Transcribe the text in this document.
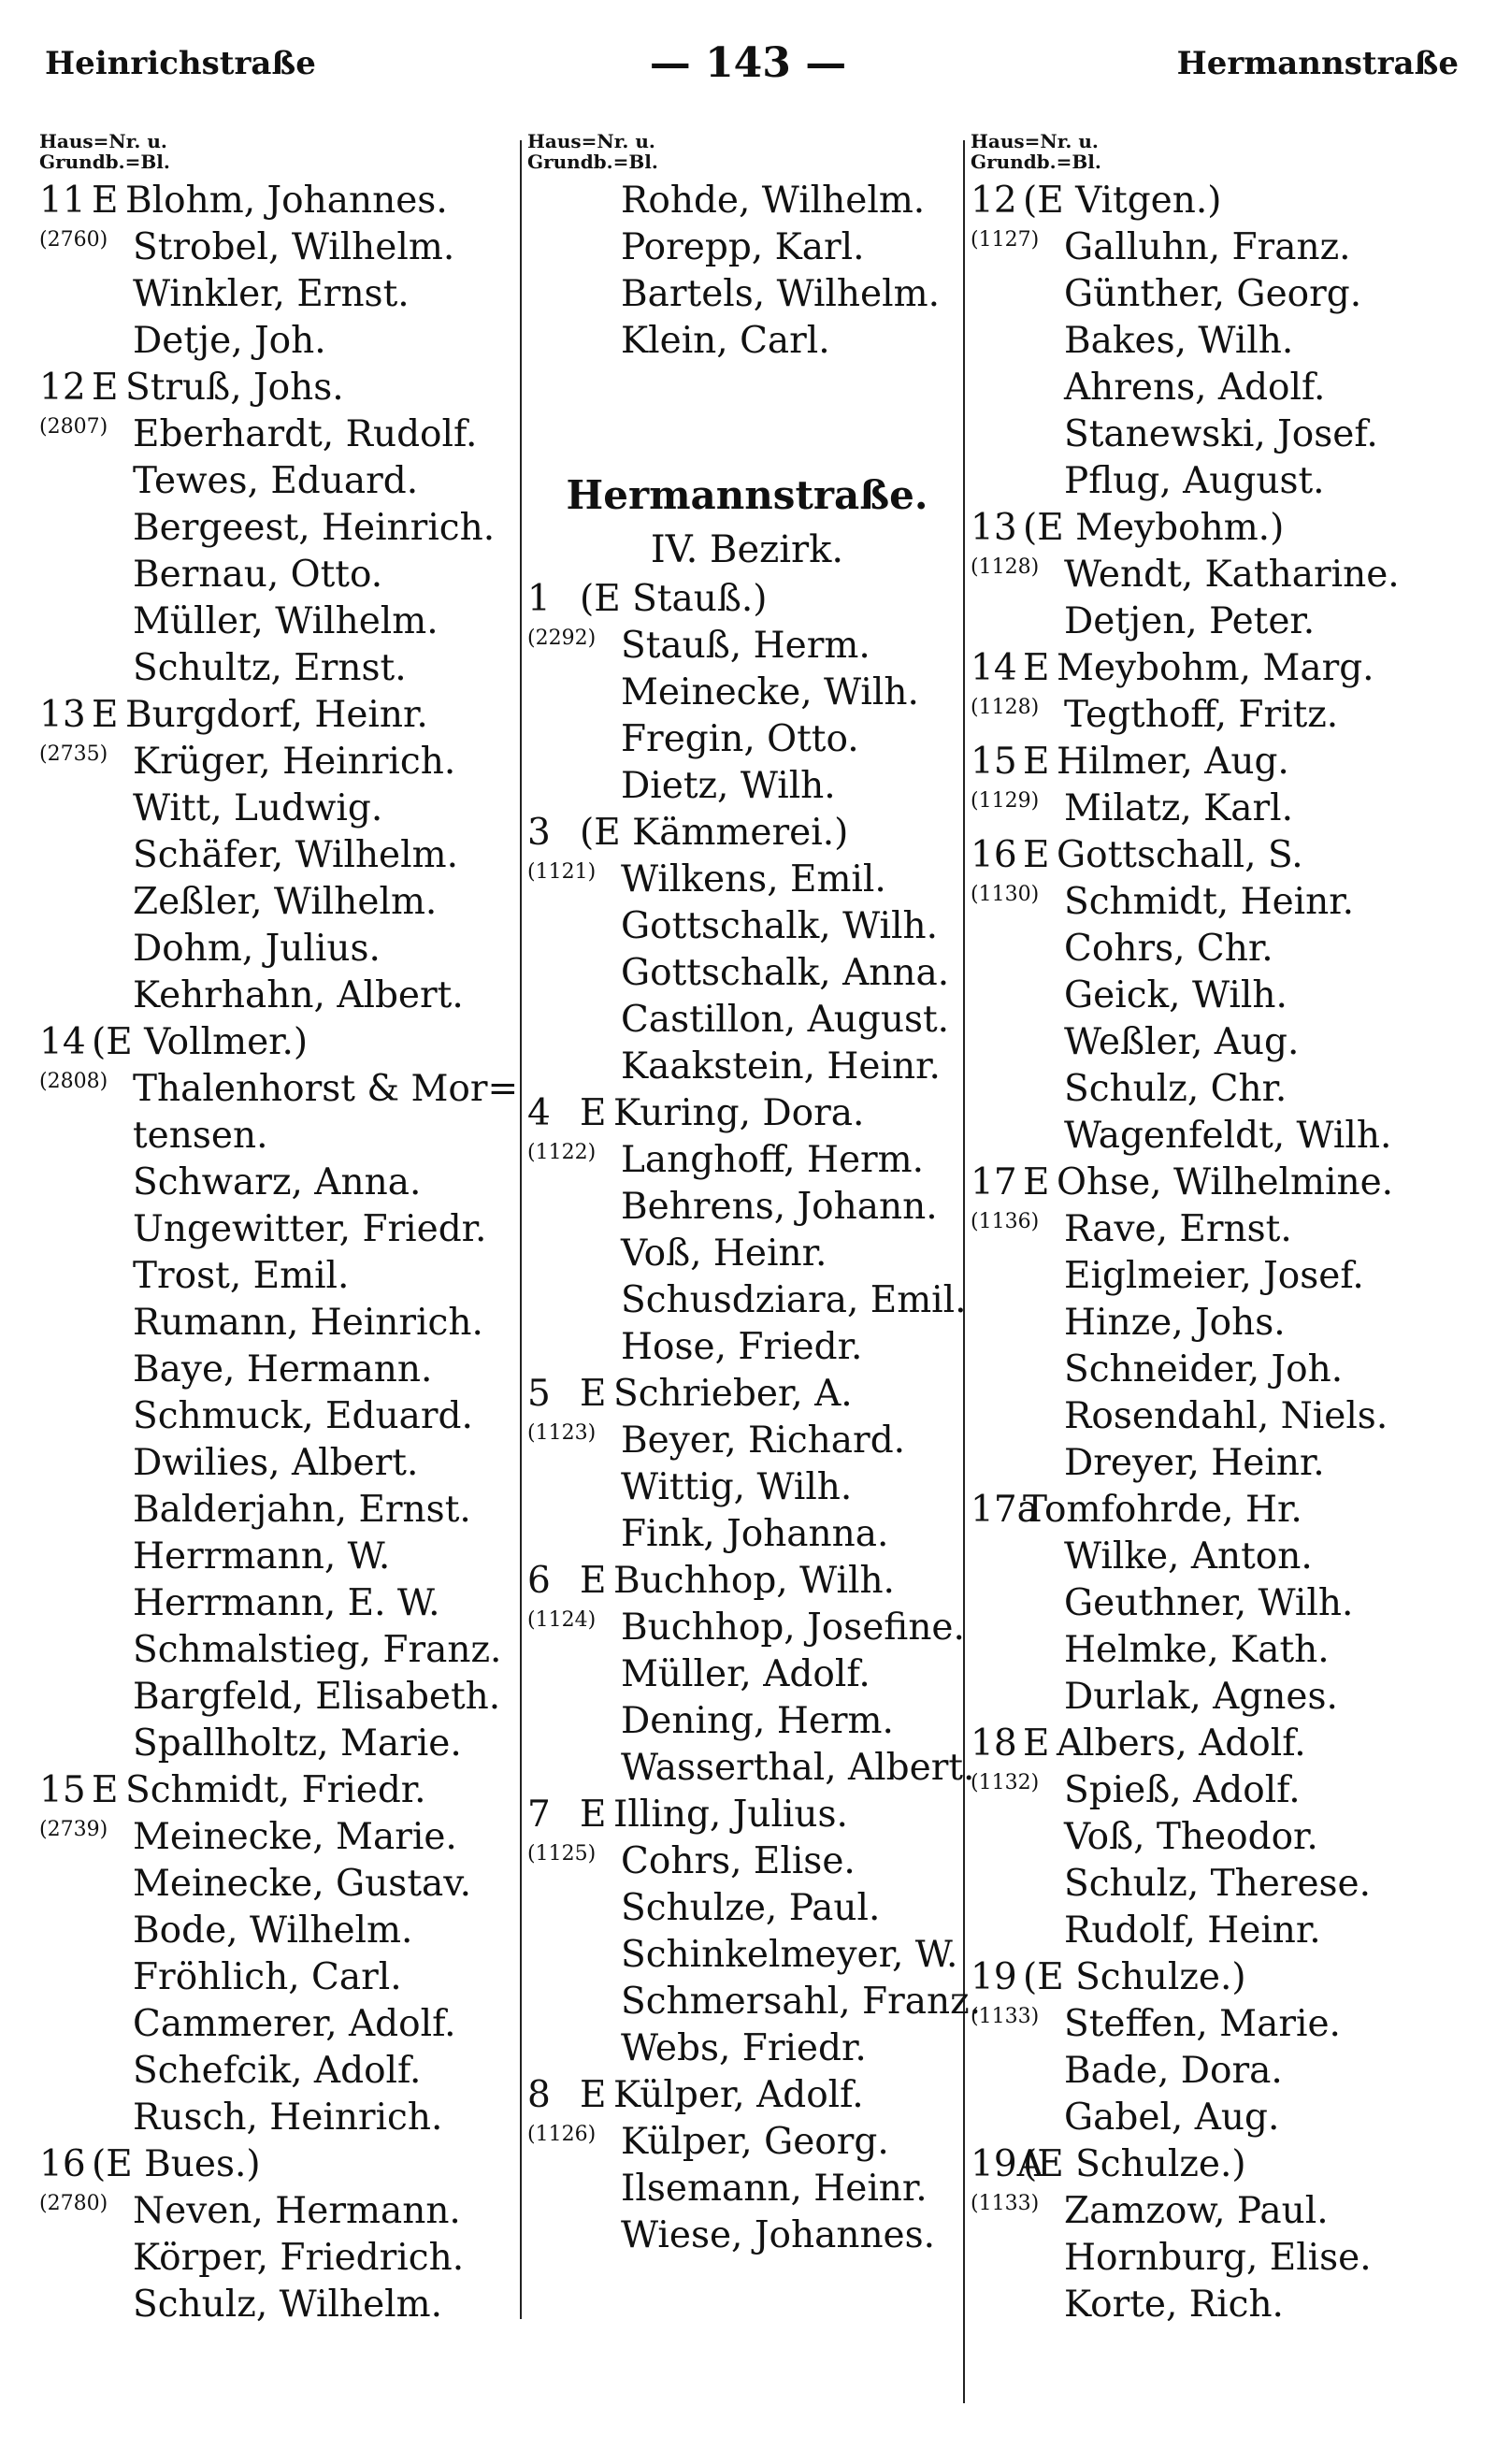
Heinrichstraße	— 143 —	Hermannstraße
Haus=Nr. u.
Grundb.=Bl.
11 E Blohm, Johannes.
(2760) Strobel, Wilhelm.
Winkler, Ernst.
Detje, Joh.
12 E Struß, Johs.
(2807) Eberhardt, Rudolf.
Tewes, Eduard.
Bergeest, Heinrich.
Bernau, Otto.
Müller, Wilhelm.
Schultz, Ernst.
13 E Burgdorf, Heinr.
(2735) Krüger, Heinrich.
Witt, Ludwig.
Schäfer, Wilhelm.
Zeßler, Wilhelm.
Dohm, Julius.
Kehrhahn, Albert.
14 (E Vollmer.)
(2808) Thalenhorst & Mor=
tensen.
Schwarz, Anna.
Ungewitter, Friedr.
Trost, Emil.
Rumann, Heinrich.
Baye, Hermann.
Schmuck, Eduard.
Dwilies, Albert.
Balderjahn, Ernst.
Herrmann, W.
Herrmann, E. W.
Schmalstieg, Franz.
Bargfeld, Elisabeth.
Spallholtz, Marie.
15 E Schmidt, Friedr.
(2739) Meinecke, Marie.
Meinecke, Gustav.
Bode, Wilhelm.
Fröhlich, Carl.
Cammerer, Adolf.
Schefcik, Adolf.
Rusch, Heinrich.
16 (E Bues.)
(2780) Neven, Hermann.
Körper, Friedrich.
Schulz, Wilhelm.
Haus=Nr. u.
Grundb.=Bl.
Rohde, Wilhelm.
Porepp, Karl.
Bartels, Wilhelm.
Klein, Carl.
Hermannstraße.
IV. Bezirk.
1 (E Stauß.)
(2292) Stauß, Herm.
Meinecke, Wilh.
Fregin, Otto.
Dietz, Wilh.
3 (E Kämmerei.)
(1121) Wilkens, Emil.
Gottschalk, Wilh.
Gottschalk, Anna.
Castillon, August.
Kaakstein, Heinr.
4 E Kuring, Dora.
(1122) Langhoff, Herm.
Behrens, Johann.
Voß, Heinr.
Schusdziara, Emil.
Hose, Friedr.
5 E Schrieber, A.
(1123) Beyer, Richard.
Wittig, Wilh.
Fink, Johanna.
6 E Buchhop, Wilh.
(1124) Buchhop, Josefine.
Müller, Adolf.
Dening, Herm.
Wasserthal, Albert.
7 E Illing, Julius.
(1125) Cohrs, Elise.
Schulze, Paul.
Schinkelmeyer, W.
Schmersahl, Franz.
Webs, Friedr.
8 E Külper, Adolf.
(1126) Külper, Georg.
Ilsemann, Heinr.
Wiese, Johannes.
Haus=Nr. u.
Grundb.=Bl.
12 (E Vitgen.)
(1127) Galluhn, Franz.
Günther, Georg.
Bakes, Wilh.
Ahrens, Adolf.
Stanewski, Josef.
Pflug, August.
13 (E Meybohm.)
(1128) Wendt, Katharine.
Detjen, Peter.
14 E Meybohm, Marg.
(1128) Tegthoff, Fritz.
15 E Hilmer, Aug.
(1129) Milatz, Karl.
16 E Gottschall, S.
(1130) Schmidt, Heinr.
Cohrs, Chr.
Geick, Wilh.
Weßler, Aug.
Schulz, Chr.
Wagenfeldt, Wilh.
17 E Ohse, Wilhelmine.
(1136) Rave, Ernst.
Eiglmeier, Josef.
Hinze, Johs.
Schneider, Joh.
Rosendahl, Niels.
Dreyer, Heinr.
17aTomfohrde, Hr.
Wilke, Anton.
Geuthner, Wilh.
Helmke, Kath.
Durlak, Agnes.
18 E Albers, Adolf.
(1132) Spieß, Adolf.
Voß, Theodor.
Schulz, Therese.
Rudolf, Heinr.
19 (E Schulze.)
(1133) Steffen, Marie.
Bade, Dora.
Gabel, Aug.
19A(E Schulze.)
(1133) Zamzow, Paul.
Hornburg, Elise.
Korte, Rich.
